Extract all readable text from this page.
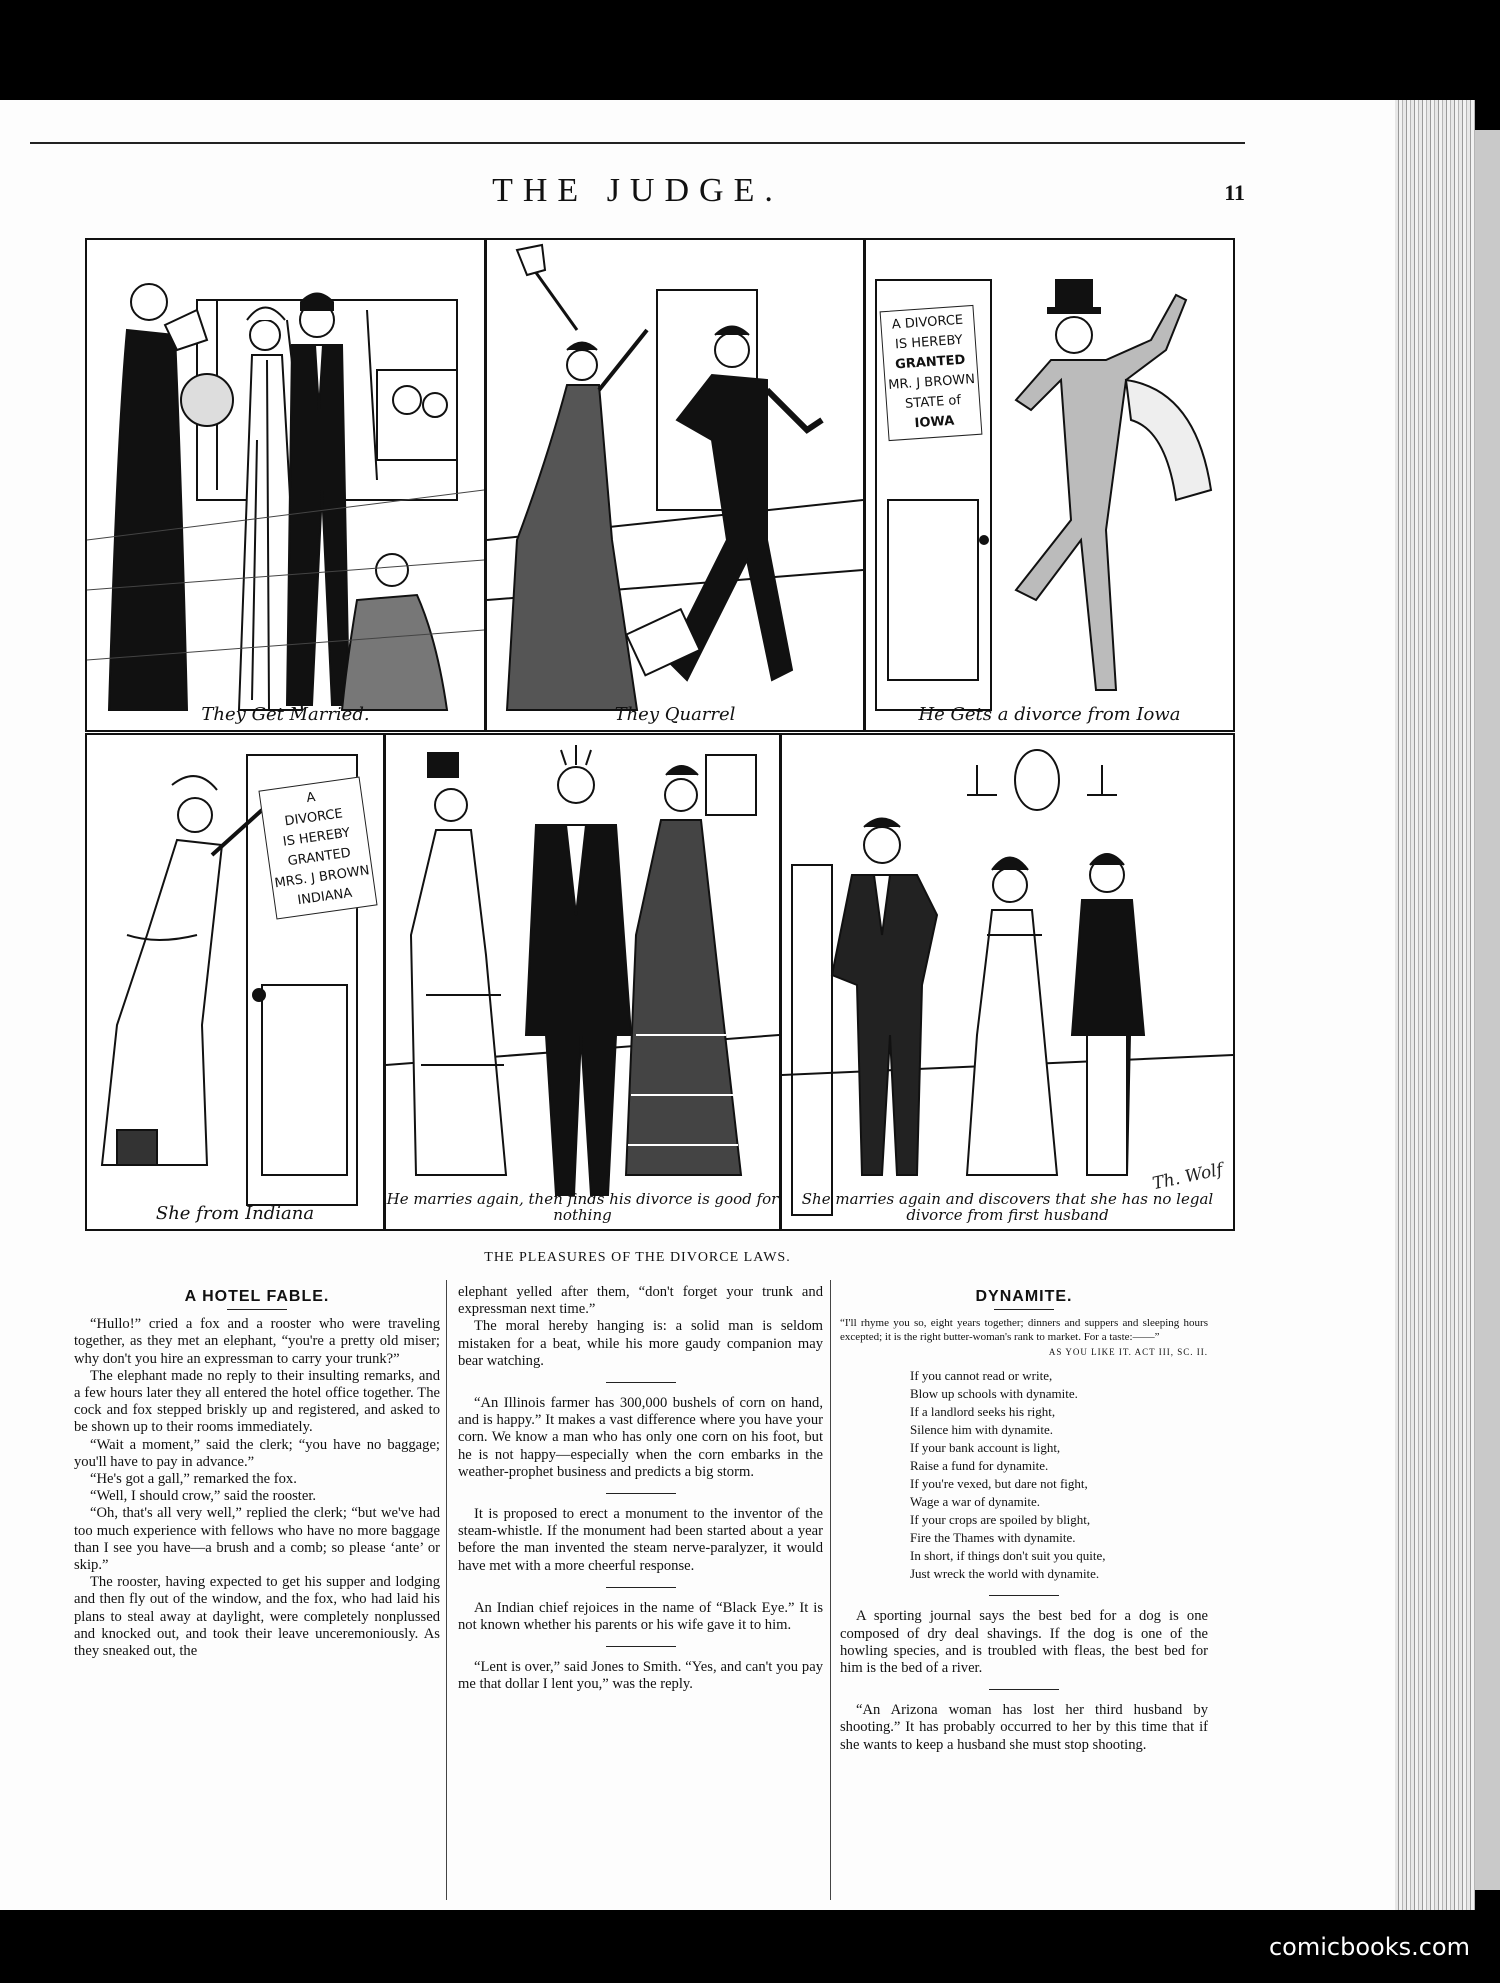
THE JUDGE.	11
They Get Married.	They Quarrel
A DIVORCE
IS HEREBY
GRANTED
MR. J BROWN
STATE of
IOWA
He Gets a divorce from Iowa
A
DIVORCE
IS HEREBY
GRANTED
MRS. J BROWN
INDIANA
She from Indiana
He marries again, then finds his divorce is good for nothing
Th. Wolf
She marries again and discovers that she has no legal divorce from first husband
THE PLEASURES OF THE DIVORCE LAWS.
A HOTEL FABLE.

“Hullo!” cried a fox and a rooster who were traveling together, as they met an elephant, “you're a pretty old miser; why don't you hire an expressman to carry your trunk?”

The elephant made no reply to their insulting remarks, and a few hours later they all entered the hotel office together. The cock and fox stepped briskly up and registered, and asked to be shown up to their rooms immediately.

“Wait a moment,” said the clerk; “you have no baggage; you'll have to pay in advance.”

“He's got a gall,” remarked the fox.

“Well, I should crow,” said the rooster.

“Oh, that's all very well,” replied the clerk; “but we've had too much experience with fellows who have no more baggage than I see you have—a brush and a comb; so please ‘ante’ or skip.”

The rooster, having expected to get his supper and lodging and then fly out of the window, and the fox, who had laid his plans to steal away at daylight, were completely nonplussed and knocked out, and took their leave unceremoniously. As they sneaked out, the

elephant yelled after them, “don't forget your trunk and expressman next time.”

The moral hereby hanging is: a solid man is seldom mistaken for a beat, while his more gaudy companion may bear watching.

“An Illinois farmer has 300,000 bushels of corn on hand, and is happy.” It makes a vast difference where you have your corn. We know a man who has only one corn on his foot, but he is not happy—especially when the corn embarks in the weather-prophet business and predicts a big storm.

It is proposed to erect a monument to the inventor of the steam-whistle. If the monument had been started about a year before the man invented the steam nerve-paralyzer, it would have met with a more cheerful response.

An Indian chief rejoices in the name of “Black Eye.” It is not known whether his parents or his wife gave it to him.

“Lent is over,” said Jones to Smith. “Yes, and can't you pay me that dollar I lent you,” was the reply.

DYNAMITE.

“I'll rhyme you so, eight years together; dinners and suppers and sleeping hours excepted; it is the right butter-woman's rank to market. For a taste:——”

AS YOU LIKE IT. ACT III, SC. II.

If you cannot read or write,

Blow up schools with dynamite.

If a landlord seeks his right,

Silence him with dynamite.

If your bank account is light,

Raise a fund for dynamite.

If you're vexed, but dare not fight,

Wage a war of dynamite.

If your crops are spoiled by blight,

Fire the Thames with dynamite.

In short, if things don't suit you quite,

Just wreck the world with dynamite.

A sporting journal says the best bed for a dog is one composed of dry deal shavings. If the dog is one of the howling species, and is troubled with fleas, the best bed for him is the bed of a river.

“An Arizona woman has lost her third husband by shooting.” It has probably occurred to her by this time that if she wants to keep a husband she must stop shooting.

comicbooks.com
